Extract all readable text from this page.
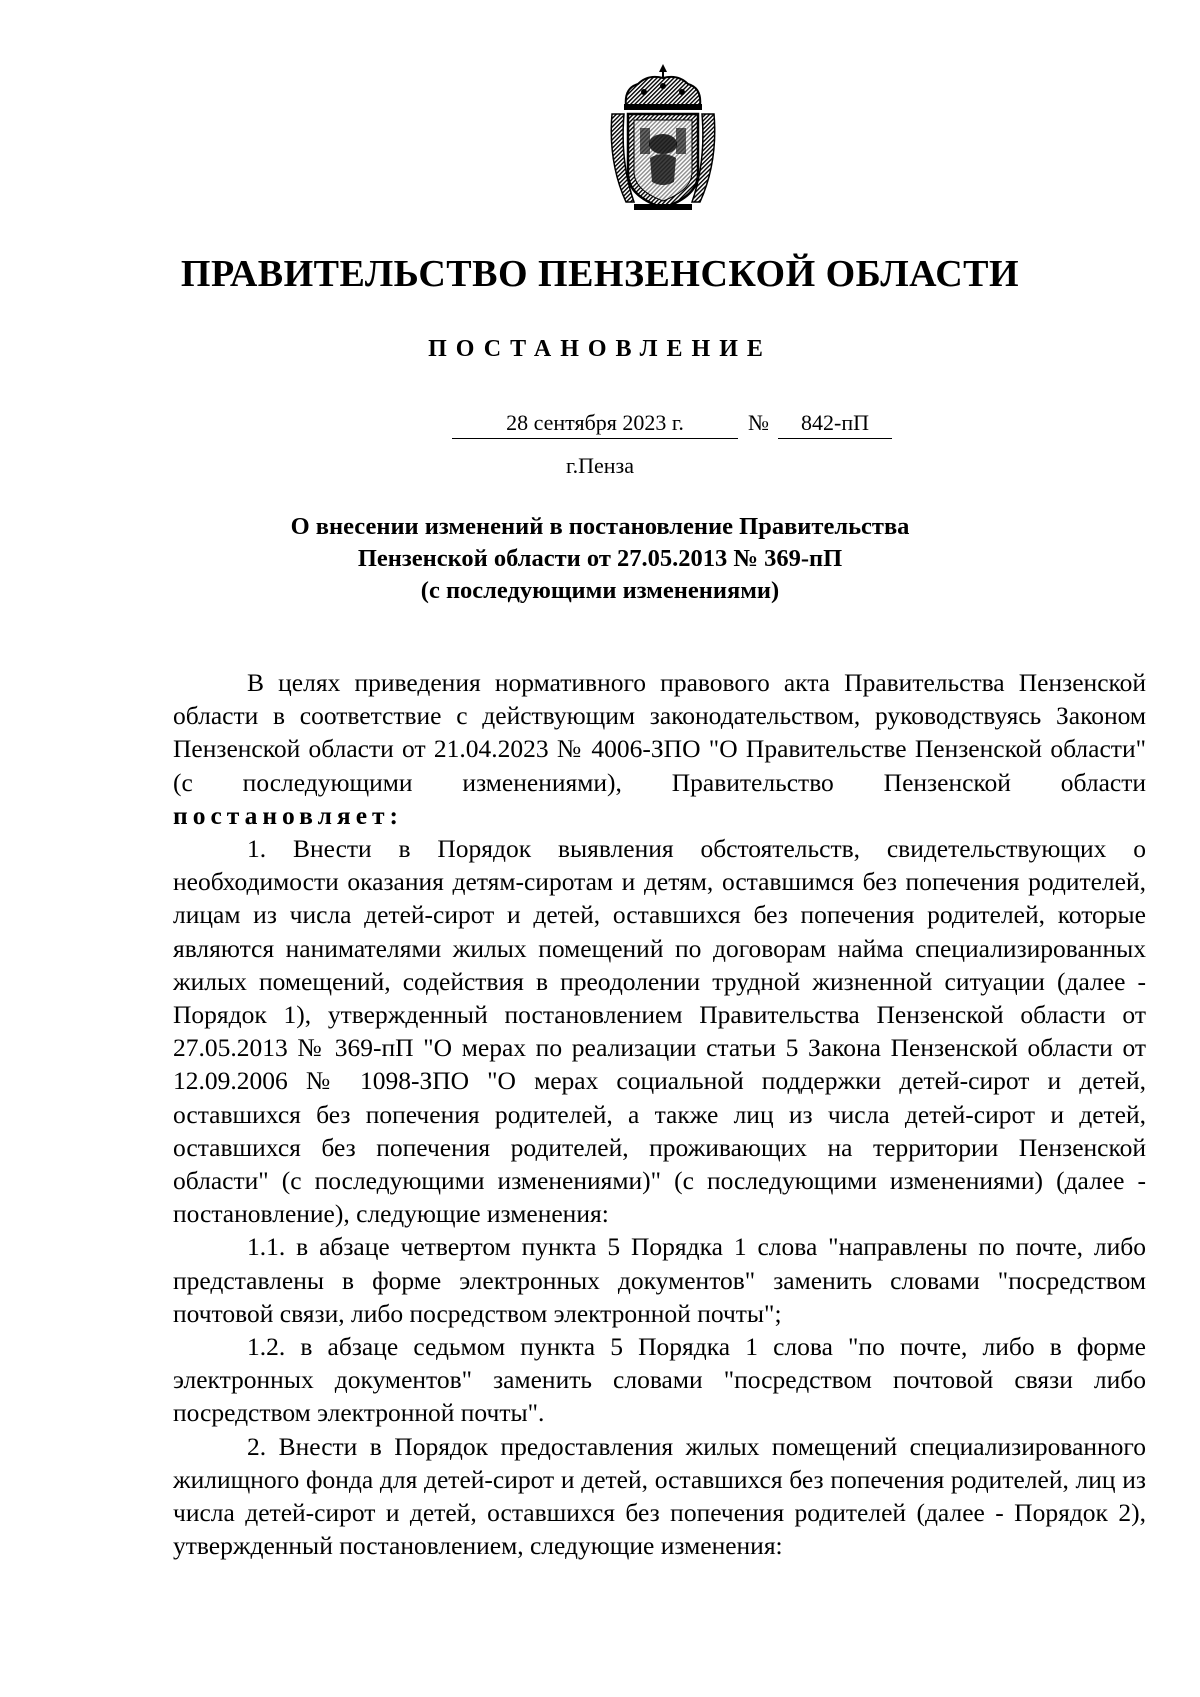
ПРАВИТЕЛЬСТВО ПЕНЗЕНСКОЙ ОБЛАСТИ
ПОСТАНОВЛЕНИЕ
28 сентября 2023 г.	№	842-пП
г.Пенза
О внесении изменений в постановление Правительства
Пензенской области от 27.05.2013 № 369-пП
(с последующими изменениями)

В целях приведения нормативного правового акта Правительства Пензенской области в соответствие с действующим законодательством, руководствуясь Законом Пензенской области от 21.04.2023 № 4006-ЗПО "О Правительстве Пензенской области" (с последующими изменениями), Правительство Пензенской области постановляет:

1. Внести в Порядок выявления обстоятельств, свидетельствующих о необходимости оказания детям-сиротам и детям, оставшимся без попечения родителей, лицам из числа детей-сирот и детей, оставшихся без попечения родителей, которые являются нанимателями жилых помещений по договорам найма специализированных жилых помещений, содействия в преодолении трудной жизненной ситуации (далее - Порядок 1), утвержденный постановлением Правительства Пензенской области от 27.05.2013 № 369-пП "О мерах по реализации статьи 5 Закона Пензенской области от 12.09.2006 № 1098-ЗПО "О мерах социальной поддержки детей-сирот и детей, оставшихся без попечения родителей, а также лиц из числа детей-сирот и детей, оставшихся без попечения родителей, проживающих на территории Пензенской области" (с последующими изменениями)" (с последующими изменениями) (далее - постановление), следующие изменения:

1.1. в абзаце четвертом пункта 5 Порядка 1 слова "направлены по почте, либо представлены в форме электронных документов" заменить словами "посредством почтовой связи, либо посредством электронной почты";

1.2. в абзаце седьмом пункта 5 Порядка 1 слова "по почте, либо в форме электронных документов" заменить словами "посредством почтовой связи либо посредством электронной почты".

2. Внести в Порядок предоставления жилых помещений специализированного жилищного фонда для детей-сирот и детей, оставшихся без попечения родителей, лиц из числа детей-сирот и детей, оставшихся без попечения родителей (далее - Порядок 2), утвержденный постановлением, следующие изменения:
